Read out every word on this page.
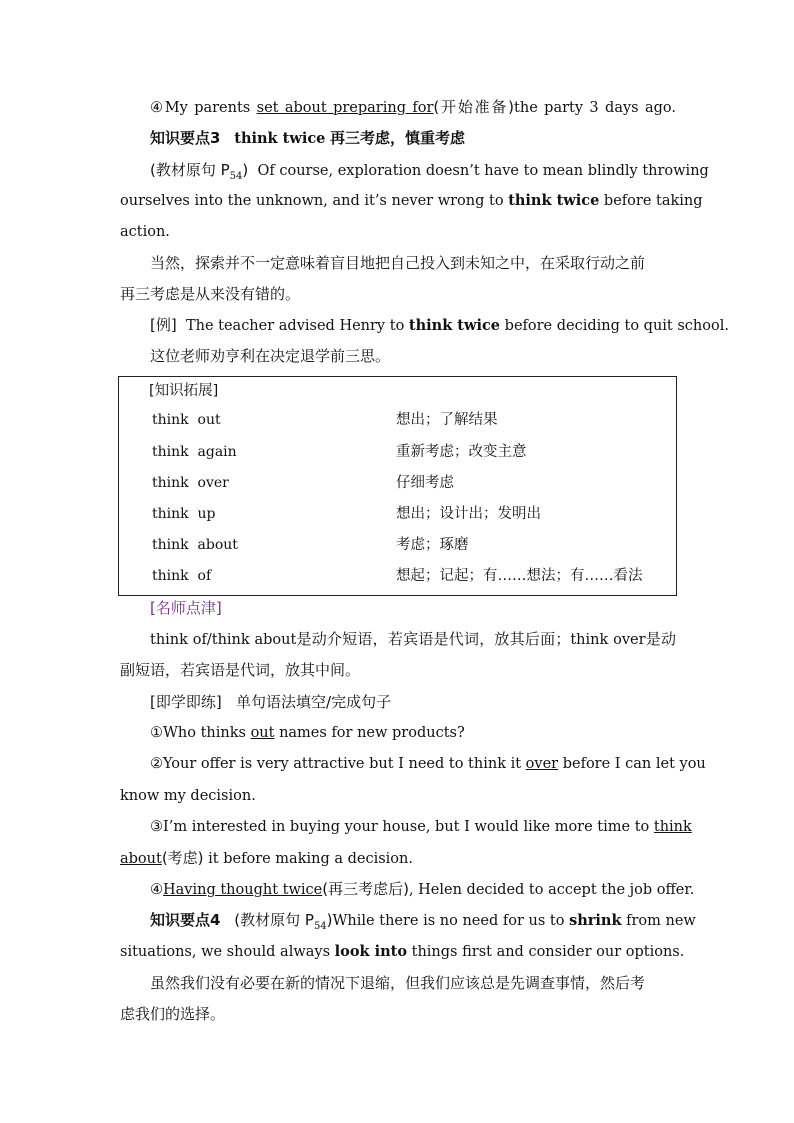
④My parents set about preparing for(开始准备)the party 3 days ago.
知识要点3 think twice 再三考虑，慎重考虑
(教材原句 $P_{54}$) Of course, exploration doesn’t have to mean blindly throwing
ourselves into the unknown, and it’s never wrong to think twice before taking
action.
当然，探索并不一定意味着盲目地把自己投入到未知之中，在采取行动之前
再三考虑是从来没有错的。
[例] The teacher advised Henry to think twice before deciding to quit school.
这位老师劝亨利在决定退学前三思。
[知识拓展]
think  out	想出；了解结果
think  again	重新考虑；改变主意
think  over	仔细考虑
think  up	想出；设计出；发明出
think  about	考虑；琢磨
think  of	想起；记起；有……想法；有……看法
[名师点津]
think of/think about是动介短语，若宾语是代词，放其后面；think over是动
副短语，若宾语是代词，放其中间。
[即学即练] 单句语法填空/完成句子
①Who thinks out names for new products?
②Your offer is very attractive but I need to think it over before I can let you
know my decision.
③I’m interested in buying your house, but I would like more time to think
about(考虑) it before making a decision.
④Having thought twice(再三考虑后), Helen decided to accept the job offer.
知识要点4 (教材原句 $P_{54})While$ there is no need for us to shrink from new
situations, we should always look into things first and consider our options.
虽然我们没有必要在新的情况下退缩，但我们应该总是先调查事情，然后考
虑我们的选择。
